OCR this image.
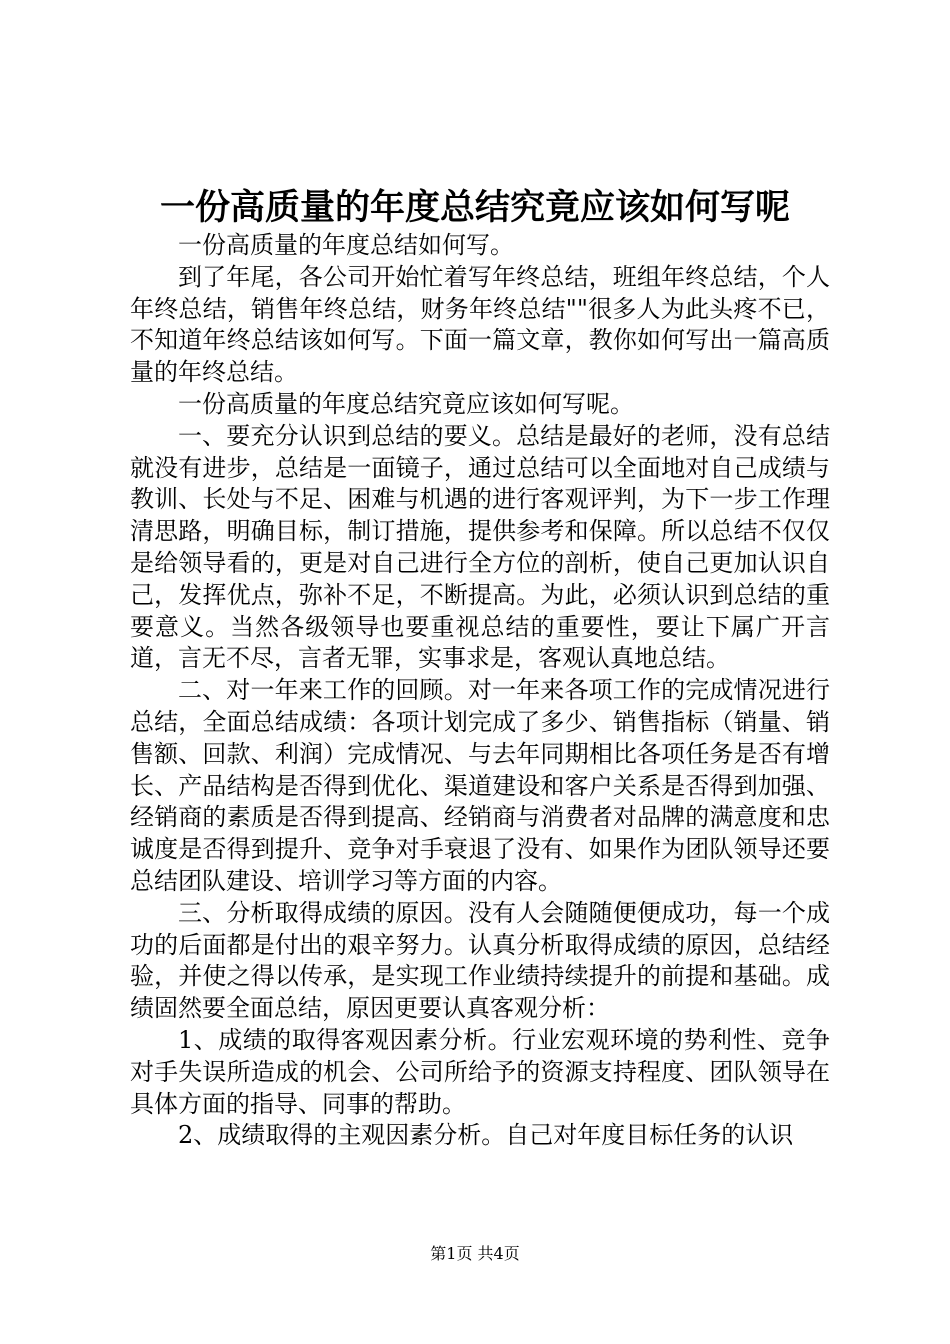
一份高质量的年度总结究竟应该如何写呢

一份高质量的年度总结如何写。

到了年尾，各公司开始忙着写年终总结，班组年终总结，个人年终总结，销售年终总结，财务年终总结""很多人为此头疼不已，不知道年终总结该如何写。下面一篇文章，教你如何写出一篇高质量的年终总结。

一份高质量的年度总结究竟应该如何写呢。

一、要充分认识到总结的要义。总结是最好的老师，没有总结就没有进步，总结是一面镜子，通过总结可以全面地对自己成绩与教训、长处与不足、困难与机遇的进行客观评判，为下一步工作理清思路，明确目标，制订措施，提供参考和保障。所以总结不仅仅是给领导看的，更是对自己进行全方位的剖析，使自己更加认识自己，发挥优点，弥补不足，不断提高。为此，必须认识到总结的重要意义。当然各级领导也要重视总结的重要性，要让下属广开言道，言无不尽，言者无罪，实事求是，客观认真地总结。

二、对一年来工作的回顾。对一年来各项工作的完成情况进行总结，全面总结成绩：各项计划完成了多少、销售指标（销量、销售额、回款、利润）完成情况、与去年同期相比各项任务是否有增长、产品结构是否得到优化、渠道建设和客户关系是否得到加强、经销商的素质是否得到提高、经销商与消费者对品牌的满意度和忠诚度是否得到提升、竞争对手衰退了没有、如果作为团队领导还要总结团队建设、培训学习等方面的内容。

三、分析取得成绩的原因。没有人会随随便便成功，每一个成功的后面都是付出的艰辛努力。认真分析取得成绩的原因，总结经验，并使之得以传承，是实现工作业绩持续提升的前提和基础。成绩固然要全面总结，原因更要认真客观分析：

1、成绩的取得客观因素分析。行业宏观环境的势利性、竞争对手失误所造成的机会、公司所给予的资源支持程度、团队领导在具体方面的指导、同事的帮助。

2、成绩取得的主观因素分析。自己对年度目标任务的认识

第1页 共4页
